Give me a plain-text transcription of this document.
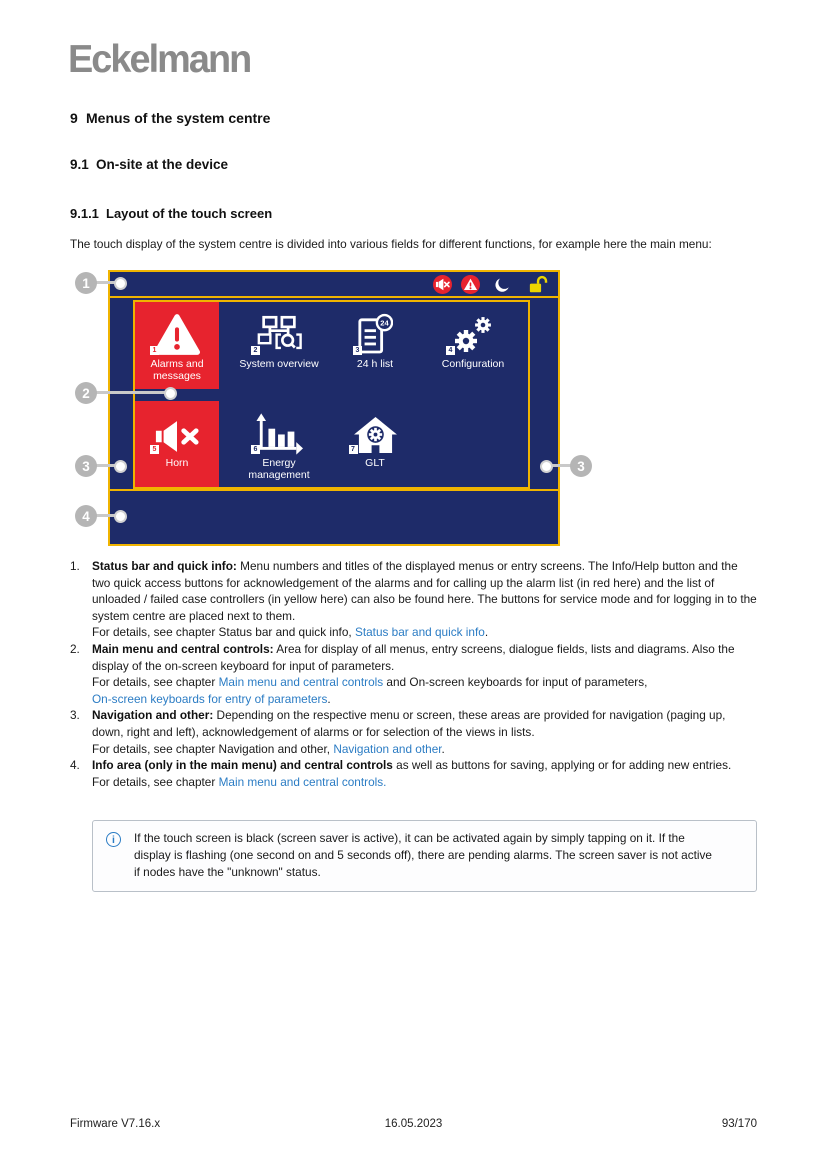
Eckelmann
9 Menus of the system centre
9.1 On-site at the device
9.1.1 Layout of the touch screen
The touch display of the system centre is divided into various fields for different functions, for example here the main menu:
1
Alarms and messages
2
System overview
24
3
24 h list
4
Configuration
5
Horn
6
Energy management
7
GLT
1
2
3
4
3
1.	Status bar and quick info: Menu numbers and titles of the displayed menus or entry screens. The Info/Help button and the two quick access buttons for acknowledgement of the alarms and for calling up the alarm list (in red here) and the list of unloaded / failed case controllers (in yellow here) can also be found here. The buttons for service mode and for logging in to the system centre are placed next to them.
For details, see chapter Status bar and quick info, Status bar and quick info.
2.	Main menu and central controls: Area for display of all menus, entry screens, dialogue fields, lists and diagrams. Also the display of the on-screen keyboard for input of parameters.
For details, see chapter Main menu and central controls and On-screen keyboards for input of parameters,
On-screen keyboards for entry of parameters.
3.	Navigation and other: Depending on the respective menu or screen, these areas are provided for navigation (paging up, down, right and left), acknowledgement of alarms or for selection of the views in lists.
For details, see chapter Navigation and other, Navigation and other.
4.	Info area (only in the main menu) and central controls as well as buttons for saving, applying or for adding new entries.
For details, see chapter Main menu and central controls.
i	If the touch screen is black (screen saver is active), it can be activated again by simply tapping on it. If the display is flashing (one second on and 5 seconds off), there are pending alarms. The screen saver is not active if nodes have the "unknown" status.
Firmware V7.16.x	16.05.2023	93/170
